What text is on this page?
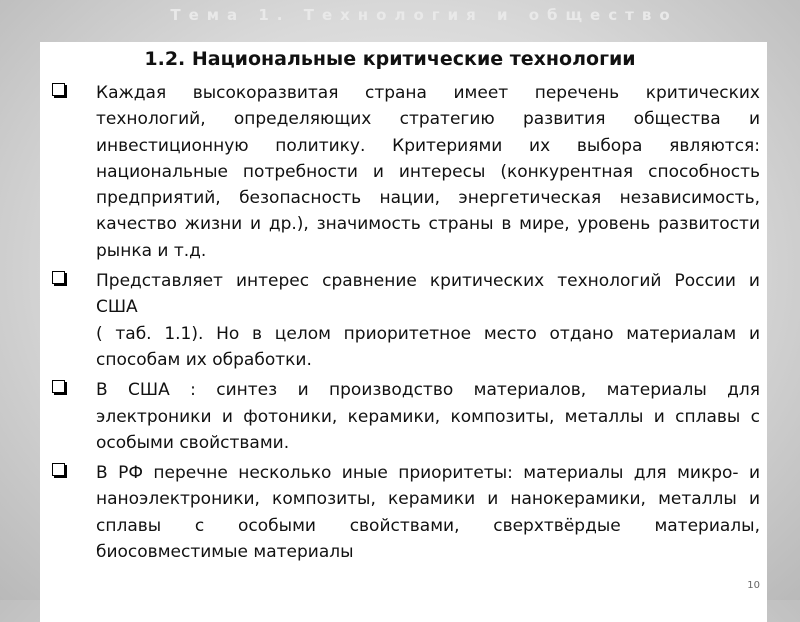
Тема 1. Технология и общество
1.2. Национальные критические технологии

Каждая высокоразвитая страна имеет перечень критических технологий, определяющих стратегию развития общества и инвестиционную политику. Критериями их выбора являются: национальные потребности и интересы (конкурентная способность предприятий, безопасность нации, энергетическая независимость, качество жизни и др.), значимость страны в мире, уровень развитости рынка и т.д.

Представляет интерес сравнение критических технологий России и США

( таб. 1.1). Но в целом приоритетное место отдано материалам и способам их обработки.

В США : синтез и производство материалов, материалы для электроники и фотоники, керамики, композиты, металлы и сплавы с особыми свойствами.

В РФ перечне несколько иные приоритеты: материалы для микро- и наноэлектроники, композиты, керамики и нанокерамики, металлы и сплавы с особыми свойствами, сверхтвёрдые материалы, биосовместимые материалы

10
